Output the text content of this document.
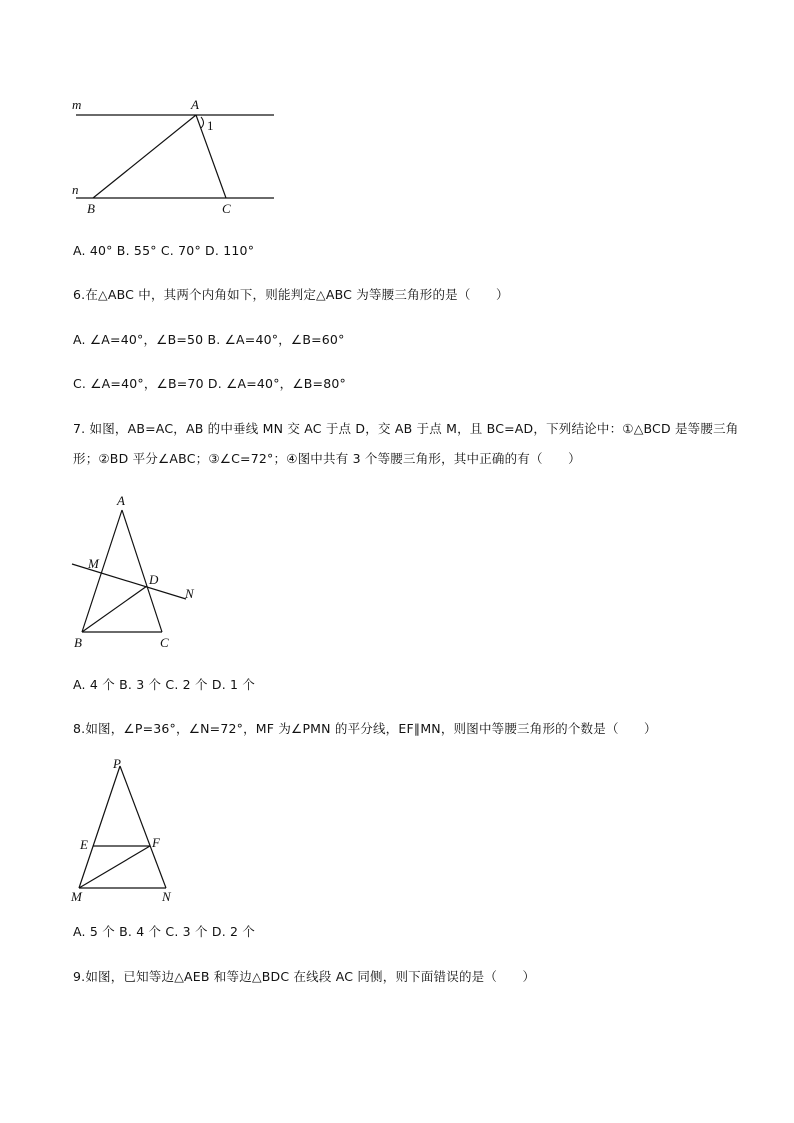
m
n
A
B	C
1
A. 40° B. 55° C. 70° D. 110°
6.在△ABC 中，其两个内角如下，则能判定△ABC 为等腰三角形的是（　　）
A. ∠A=40°，∠B=50 B. ∠A=40°，∠B=60°
C. ∠A=40°，∠B=70 D. ∠A=40°，∠B=80°
7. 如图，AB=AC，AB 的中垂线 MN 交 AC 于点 D，交 AB 于点 M，且 BC=AD，下列结论中：①△BCD 是等腰三角
形；②BD 平分∠ABC；③∠C=72°；④图中共有 3 个等腰三角形，其中正确的有（　　）
A
M
D
N
B	C
A. 4 个 B. 3 个 C. 2 个 D. 1 个
8.如图，∠P=36°，∠N=72°，MF 为∠PMN 的平分线，EF∥MN，则图中等腰三角形的个数是（　　）
P
E	F
M	N
A. 5 个 B. 4 个 C. 3 个 D. 2 个
9.如图，已知等边△AEB 和等边△BDC 在线段 AC 同侧，则下面错误的是（　　）
